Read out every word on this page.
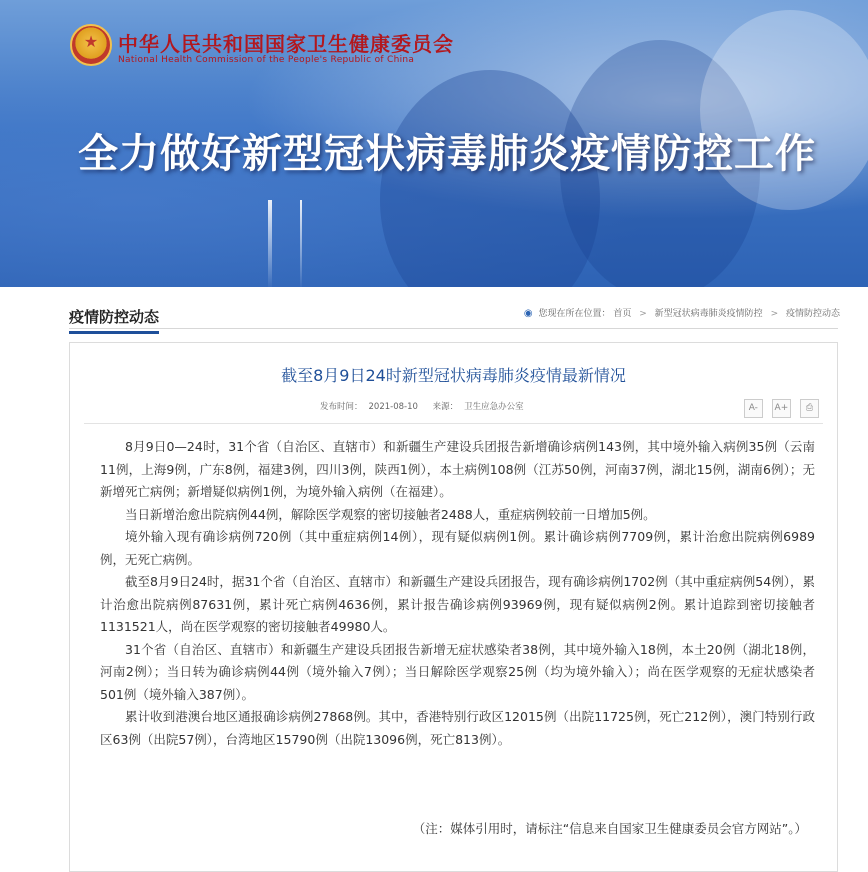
★
中华人民共和国国家卫生健康委员会
National Health Commission of the People's Republic of China
全力做好新型冠状病毒肺炎疫情防控工作
疫情防控动态	◉ 您现在所在位置： 首页 > 新型冠状病毒肺炎疫情防控 > 疫情防控动态
截至8月9日24时新型冠状病毒肺炎疫情最新情况
发布时间： 2021-08-10 来源： 卫生应急办公室	A- A+ ⎙

8月9日0—24时，31个省（自治区、直辖市）和新疆生产建设兵团报告新增确诊病例143例，其中境外输入病例35例（云南11例，上海9例，广东8例，福建3例，四川3例，陕西1例），本土病例108例（江苏50例，河南37例，湖北15例，湖南6例）；无新增死亡病例；新增疑似病例1例，为境外输入病例（在福建）。

当日新增治愈出院病例44例，解除医学观察的密切接触者2488人，重症病例较前一日增加5例。

境外输入现有确诊病例720例（其中重症病例14例），现有疑似病例1例。累计确诊病例7709例，累计治愈出院病例6989例，无死亡病例。

截至8月9日24时，据31个省（自治区、直辖市）和新疆生产建设兵团报告，现有确诊病例1702例（其中重症病例54例），累计治愈出院病例87631例，累计死亡病例4636例，累计报告确诊病例93969例，现有疑似病例2例。累计追踪到密切接触者1131521人，尚在医学观察的密切接触者49980人。

31个省（自治区、直辖市）和新疆生产建设兵团报告新增无症状感染者38例，其中境外输入18例，本土20例（湖北18例，河南2例）；当日转为确诊病例44例（境外输入7例）；当日解除医学观察25例（均为境外输入）；尚在医学观察的无症状感染者501例（境外输入387例）。

累计收到港澳台地区通报确诊病例27868例。其中，香港特别行政区12015例（出院11725例，死亡212例），澳门特别行政区63例（出院57例），台湾地区15790例（出院13096例，死亡813例）。

（注：媒体引用时，请标注“信息来自国家卫生健康委员会官方网站”。）
